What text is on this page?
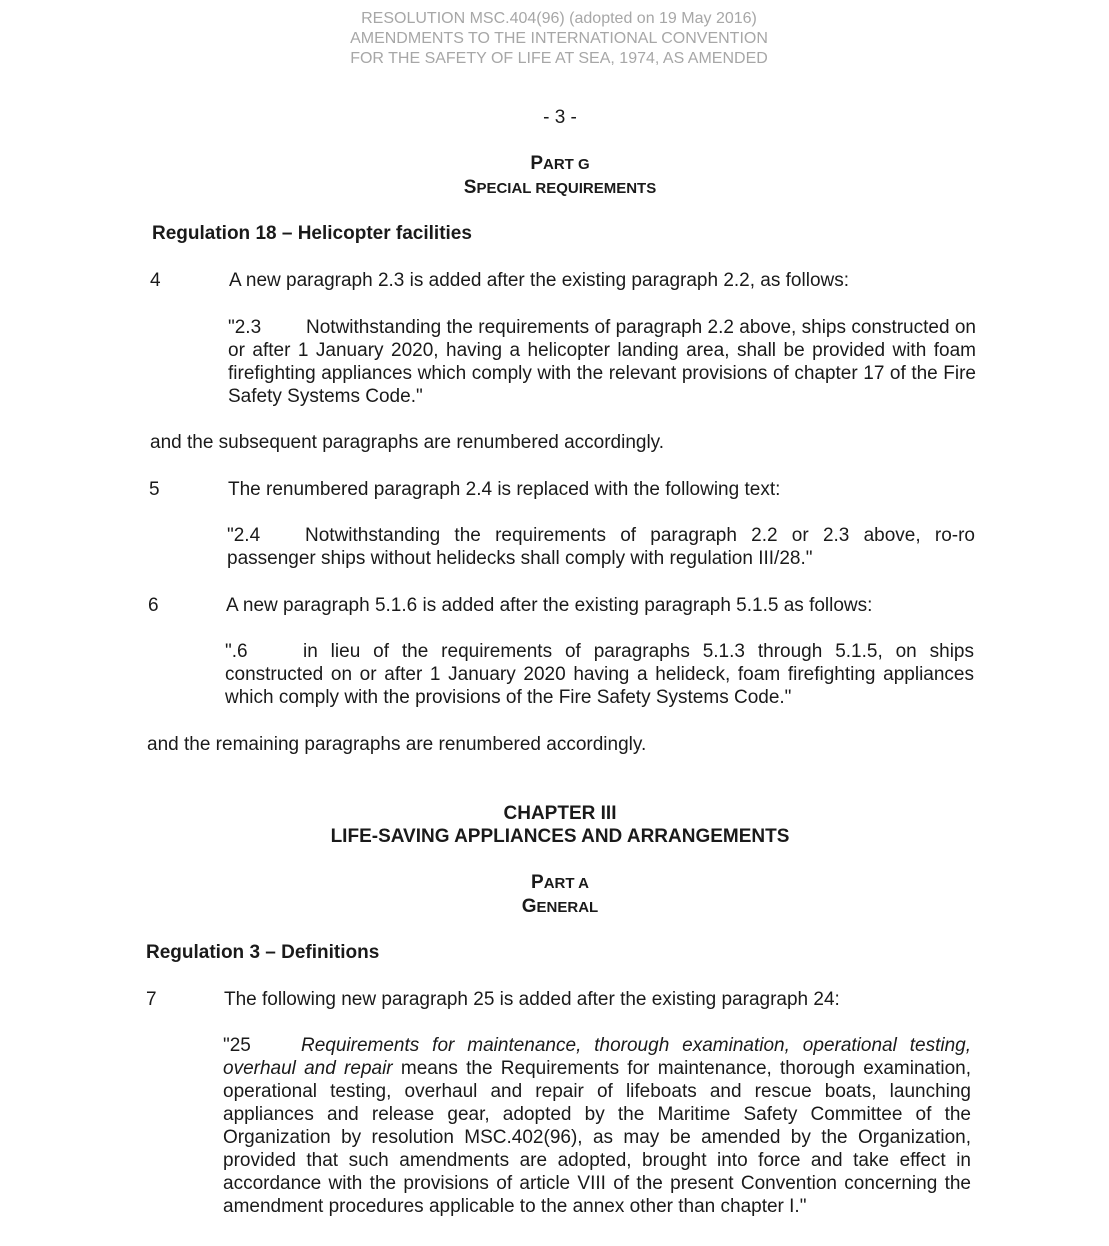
RESOLUTION MSC.404(96) (adopted on 19 May 2016)
AMENDMENTS TO THE INTERNATIONAL CONVENTION
FOR THE SAFETY OF LIFE AT SEA, 1974, AS AMENDED
- 3 -
PART G
SPECIAL REQUIREMENTS
Regulation 18 – Helicopter facilities
4	A new paragraph 2.3 is added after the existing paragraph 2.2, as follows:
"2.3 Notwithstanding the requirements of paragraph 2.2 above, ships constructed on or after 1 January 2020, having a helicopter landing area, shall be provided with foam firefighting appliances which comply with the relevant provisions of chapter 17 of the Fire Safety Systems Code."
and the subsequent paragraphs are renumbered accordingly.
5	The renumbered paragraph 2.4 is replaced with the following text:
"2.4 Notwithstanding the requirements of paragraph 2.2 or 2.3 above, ro-ro passenger ships without helidecks shall comply with regulation III/28."
6	A new paragraph 5.1.6 is added after the existing paragraph 5.1.5 as follows:
".6	in lieu of the requirements of paragraphs 5.1.3 through 5.1.5, on ships constructed on or after 1 January 2020 having a helideck, foam firefighting appliances which comply with the provisions of the Fire Safety Systems Code."
and the remaining paragraphs are renumbered accordingly.
CHAPTER III
LIFE-SAVING APPLIANCES AND ARRANGEMENTS
PART A
GENERAL
Regulation 3 – Definitions
7	The following new paragraph 25 is added after the existing paragraph 24:
"25	Requirements for maintenance, thorough examination, operational testing, overhaul and repair means the Requirements for maintenance, thorough examination, operational testing, overhaul and repair of lifeboats and rescue boats, launching appliances and release gear, adopted by the Maritime Safety Committee of the Organization by resolution MSC.402(96), as may be amended by the Organization, provided that such amendments are adopted, brought into force and take effect in accordance with the provisions of article VIII of the present Convention concerning the amendment procedures applicable to the annex other than chapter I."
